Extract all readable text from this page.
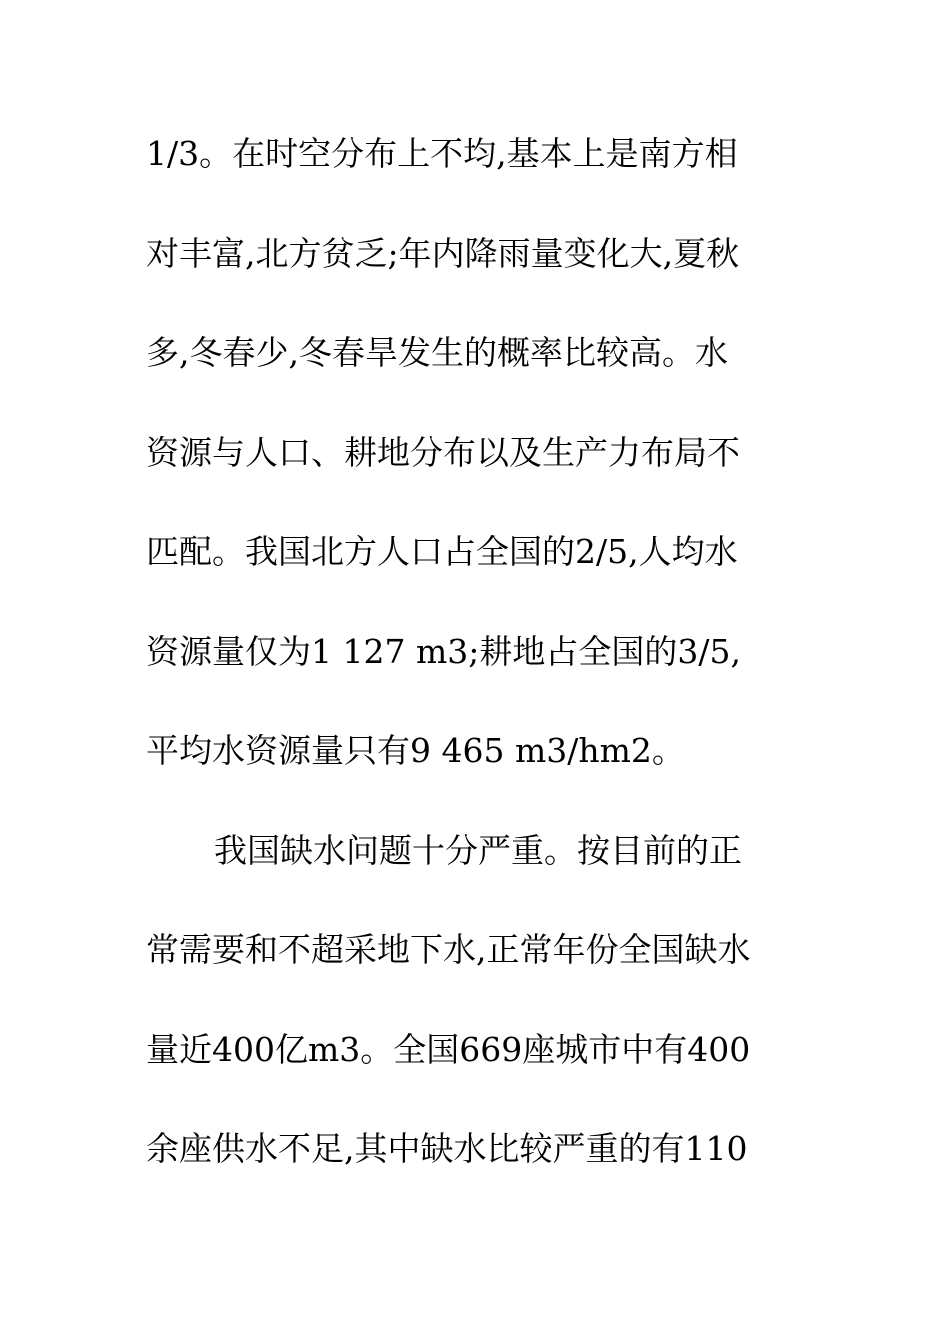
1/3。在时空分布上不均,基本上是南方相
对丰富,北方贫乏;年内降雨量变化大,夏秋
多,冬春少,冬春旱发生的概率比较高。水
资源与人口、耕地分布以及生产力布局不
匹配。我国北方人口占全国的2/5,人均水
资源量仅为1 127 m3;耕地占全国的3/5,
平均水资源量只有9 465 m3/hm2。
我国缺水问题十分严重。按目前的正
常需要和不超采地下水,正常年份全国缺水
量近400亿m3。全国669座城市中有400
余座供水不足,其中缺水比较严重的有110
